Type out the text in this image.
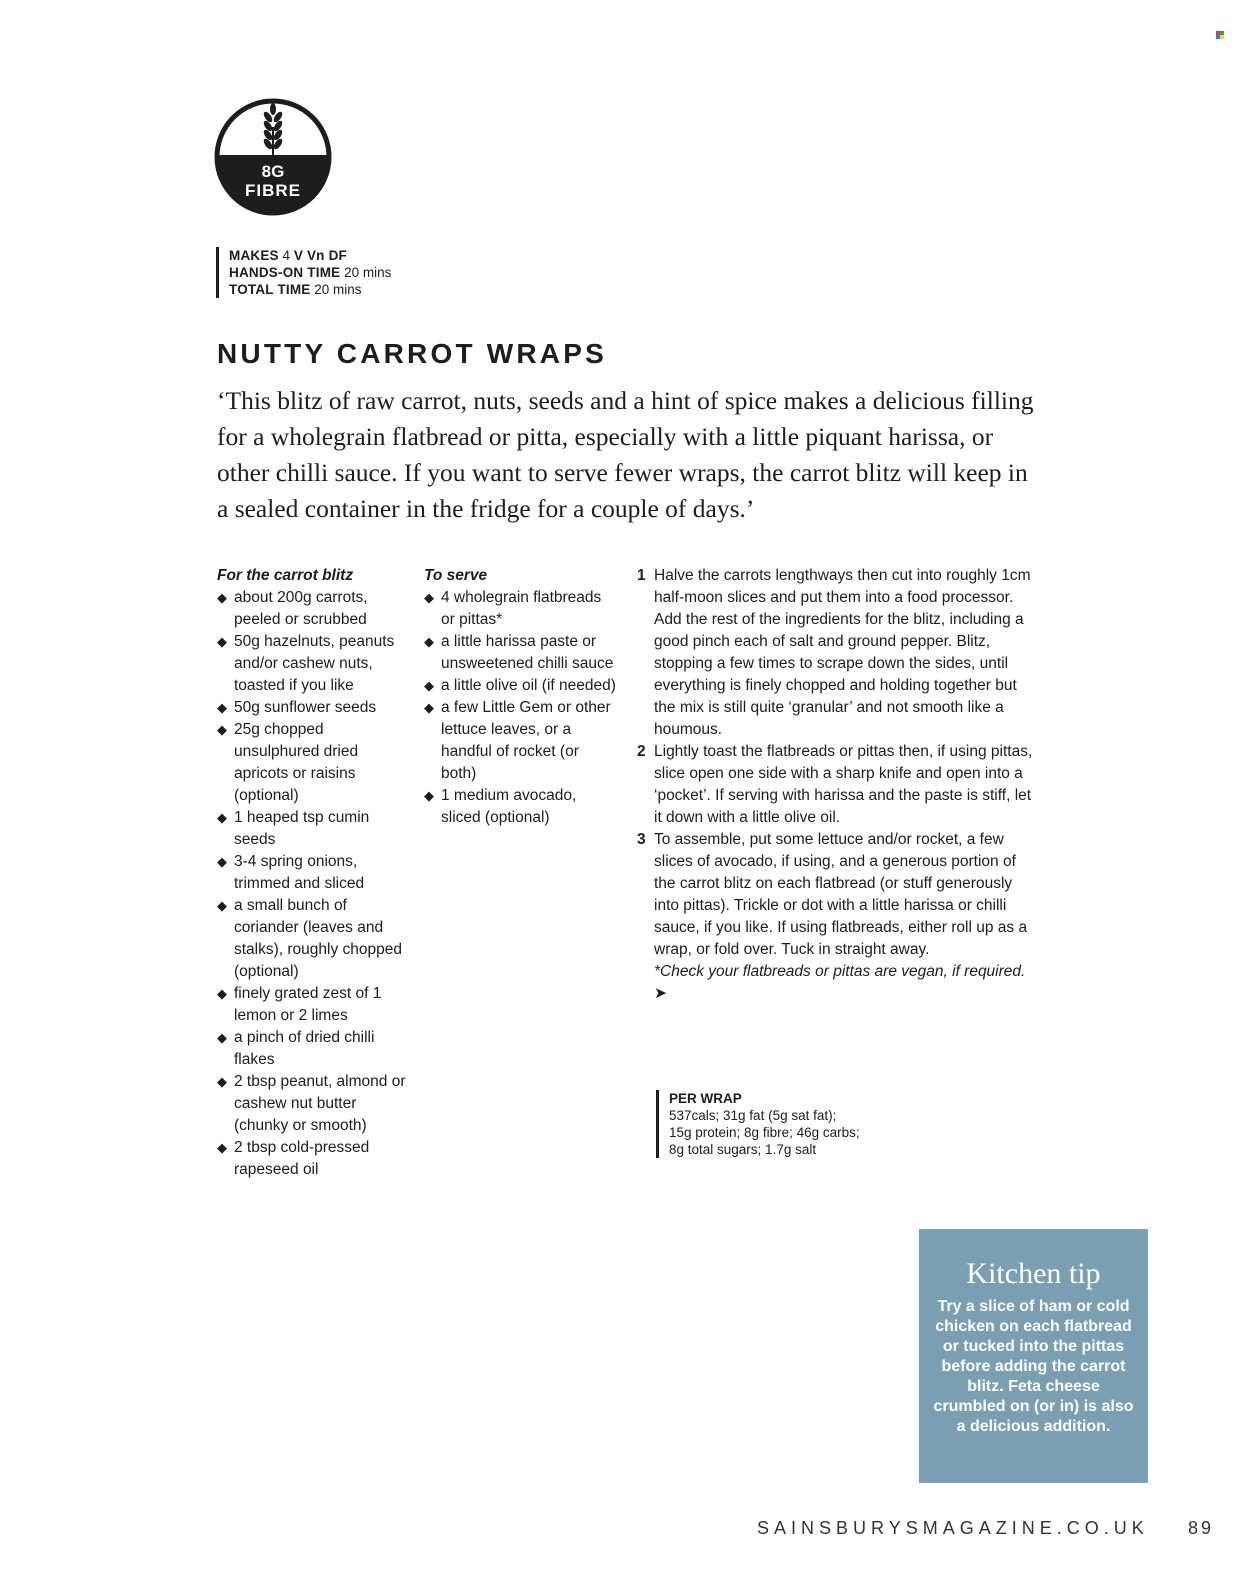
8G
FIBRE
MAKES 4 V Vn DF
HANDS-ON TIME 20 mins
TOTAL TIME 20 mins
NUTTY CARROT WRAPS

‘This blitz of raw carrot, nuts, seeds and a hint of spice makes a delicious filling for a wholegrain flatbread or pitta, especially with a little piquant harissa, or other chilli sauce. If you want to serve fewer wraps, the carrot blitz will keep in a sealed container in the fridge for a couple of days.’

For the carrot blitz
◆ about 200g carrots, peeled or scrubbed
◆ 50g hazelnuts, peanuts and/or cashew nuts, toasted if you like
◆ 50g sunflower seeds
◆ 25g chopped unsulphured dried apricots or raisins (optional)
◆ 1 heaped tsp cumin seeds
◆ 3-4 spring onions, trimmed and sliced
◆ a small bunch of coriander (leaves and stalks), roughly chopped (optional)
◆ finely grated zest of 1 lemon or 2 limes
◆ a pinch of dried chilli flakes
◆ 2 tbsp peanut, almond or cashew nut butter (chunky or smooth)
◆ 2 tbsp cold-pressed rapeseed oil
To serve
◆ 4 wholegrain flatbreads or pittas*
◆ a little harissa paste or unsweetened chilli sauce
◆ a little olive oil (if needed)
◆ a few Little Gem or other lettuce leaves, or a handful of rocket (or both)
◆ 1 medium avocado, sliced (optional)
1 Halve the carrots lengthways then cut into roughly 1cm half-moon slices and put them into a food processor. Add the rest of the ingredients for the blitz, including a good pinch each of salt and ground pepper. Blitz, stopping a few times to scrape down the sides, until everything is finely chopped and holding together but the mix is still quite ‘granular’ and not smooth like a houmous.
2 Lightly toast the flatbreads or pittas then, if using pittas, slice open one side with a sharp knife and open into a ‘pocket’. If serving with harissa and the paste is stiff, let it down with a little olive oil.
3 To assemble, put some lettuce and/or rocket, a few slices of avocado, if using, and a generous portion of the carrot blitz on each flatbread (or stuff generously into pittas). Trickle or dot with a little harissa or chilli sauce, if you like. If using flatbreads, either roll up as a wrap, or fold over. Tuck in straight away.
*Check your flatbreads or pittas are vegan, if required. ➤
PER WRAP
537cals; 31g fat (5g sat fat);
15g protein; 8g fibre; 46g carbs;
8g total sugars; 1.7g salt
Kitchen tip
Try a slice of ham or cold chicken on each flatbread or tucked into the pittas before adding the carrot blitz. Feta cheese crumbled on (or in) is also a delicious addition.
SAINSBURYSMAGAZINE.CO.UK 89
